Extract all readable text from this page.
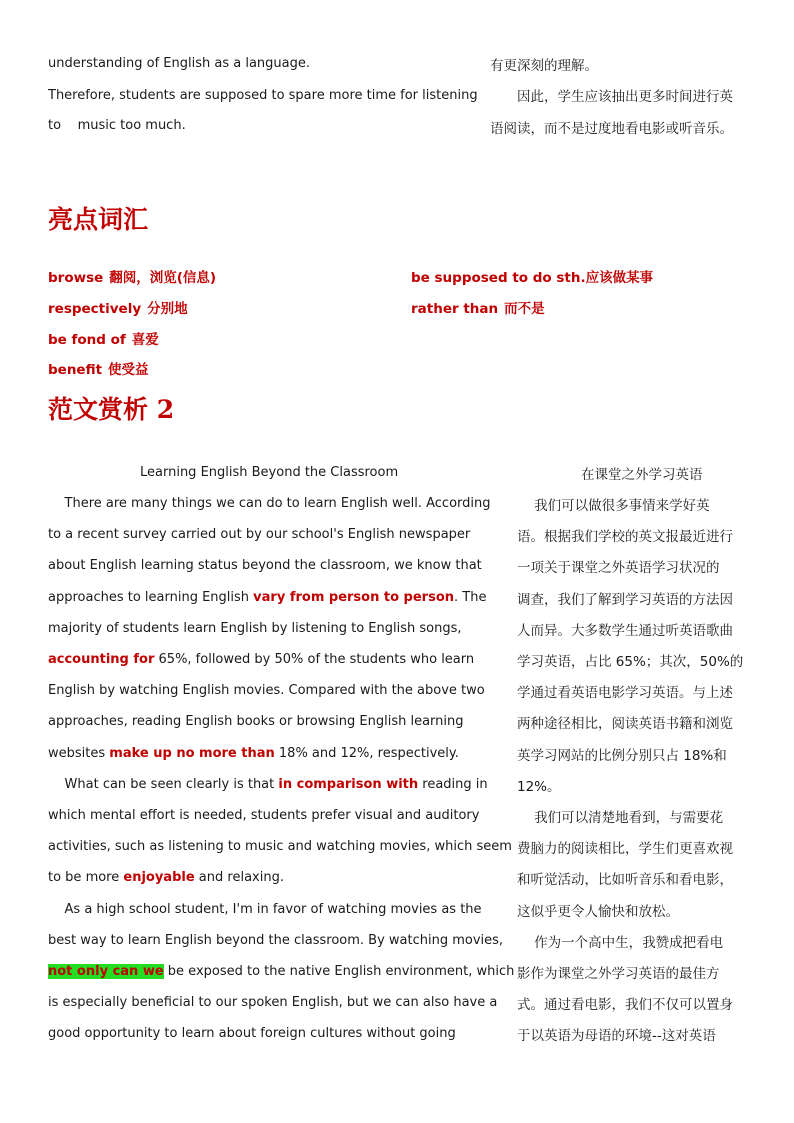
understanding of English as a language.
Therefore, students are supposed to spare more time for listening
to    music too much.
有更深刻的理解。
因此，学生应该抽出更多时间进行英
语阅读，而不是过度地看电影或听音乐。
亮点词汇
browse 翻阅，浏览(信息)
respectively 分别地
be fond of 喜爱
benefit 使受益
be supposed to do sth.应该做某事
rather than 而不是
范文赏析 2
Learning English Beyond the Classroom	在课堂之外学习英语
There are many things we can do to learn English well. According
to a recent survey carried out by our school's English newspaper
about English learning status beyond the classroom, we know that
approaches to learning English vary from person to person. The
majority of students learn English by listening to English songs,
accounting for 65%, followed by 50% of the students who learn
English by watching English movies. Compared with the above two
approaches, reading English books or browsing English learning
websites make up no more than 18% and 12%, respectively.
What can be seen clearly is that in comparison with reading in
which mental effort is needed, students prefer visual and auditory
activities, such as listening to music and watching movies, which seem
to be more enjoyable and relaxing.
As a high school student, I'm in favor of watching movies as the
best way to learn English beyond the classroom. By watching movies,
not only can we be exposed to the native English environment, which
is especially beneficial to our spoken English, but we can also have a
good opportunity to learn about foreign cultures without going
我们可以做很多事情来学好英
语。根据我们学校的英文报最近进行
一项关于课堂之外英语学习状况的
调查，我们了解到学习英语的方法因
人而异。大多数学生通过听英语歌曲
学习英语，占比 65%；其次，50%的
学通过看英语电影学习英语。与上述
两种途径相比，阅读英语书籍和浏览
英学习网站的比例分别只占 18%和
12%。
我们可以清楚地看到，与需要花
费脑力的阅读相比，学生们更喜欢视
和听觉活动，比如听音乐和看电影，
这似乎更令人愉快和放松。
作为一个高中生，我赞成把看电
影作为课堂之外学习英语的最佳方
式。通过看电影，我们不仅可以置身
于以英语为母语的环境--这对英语
